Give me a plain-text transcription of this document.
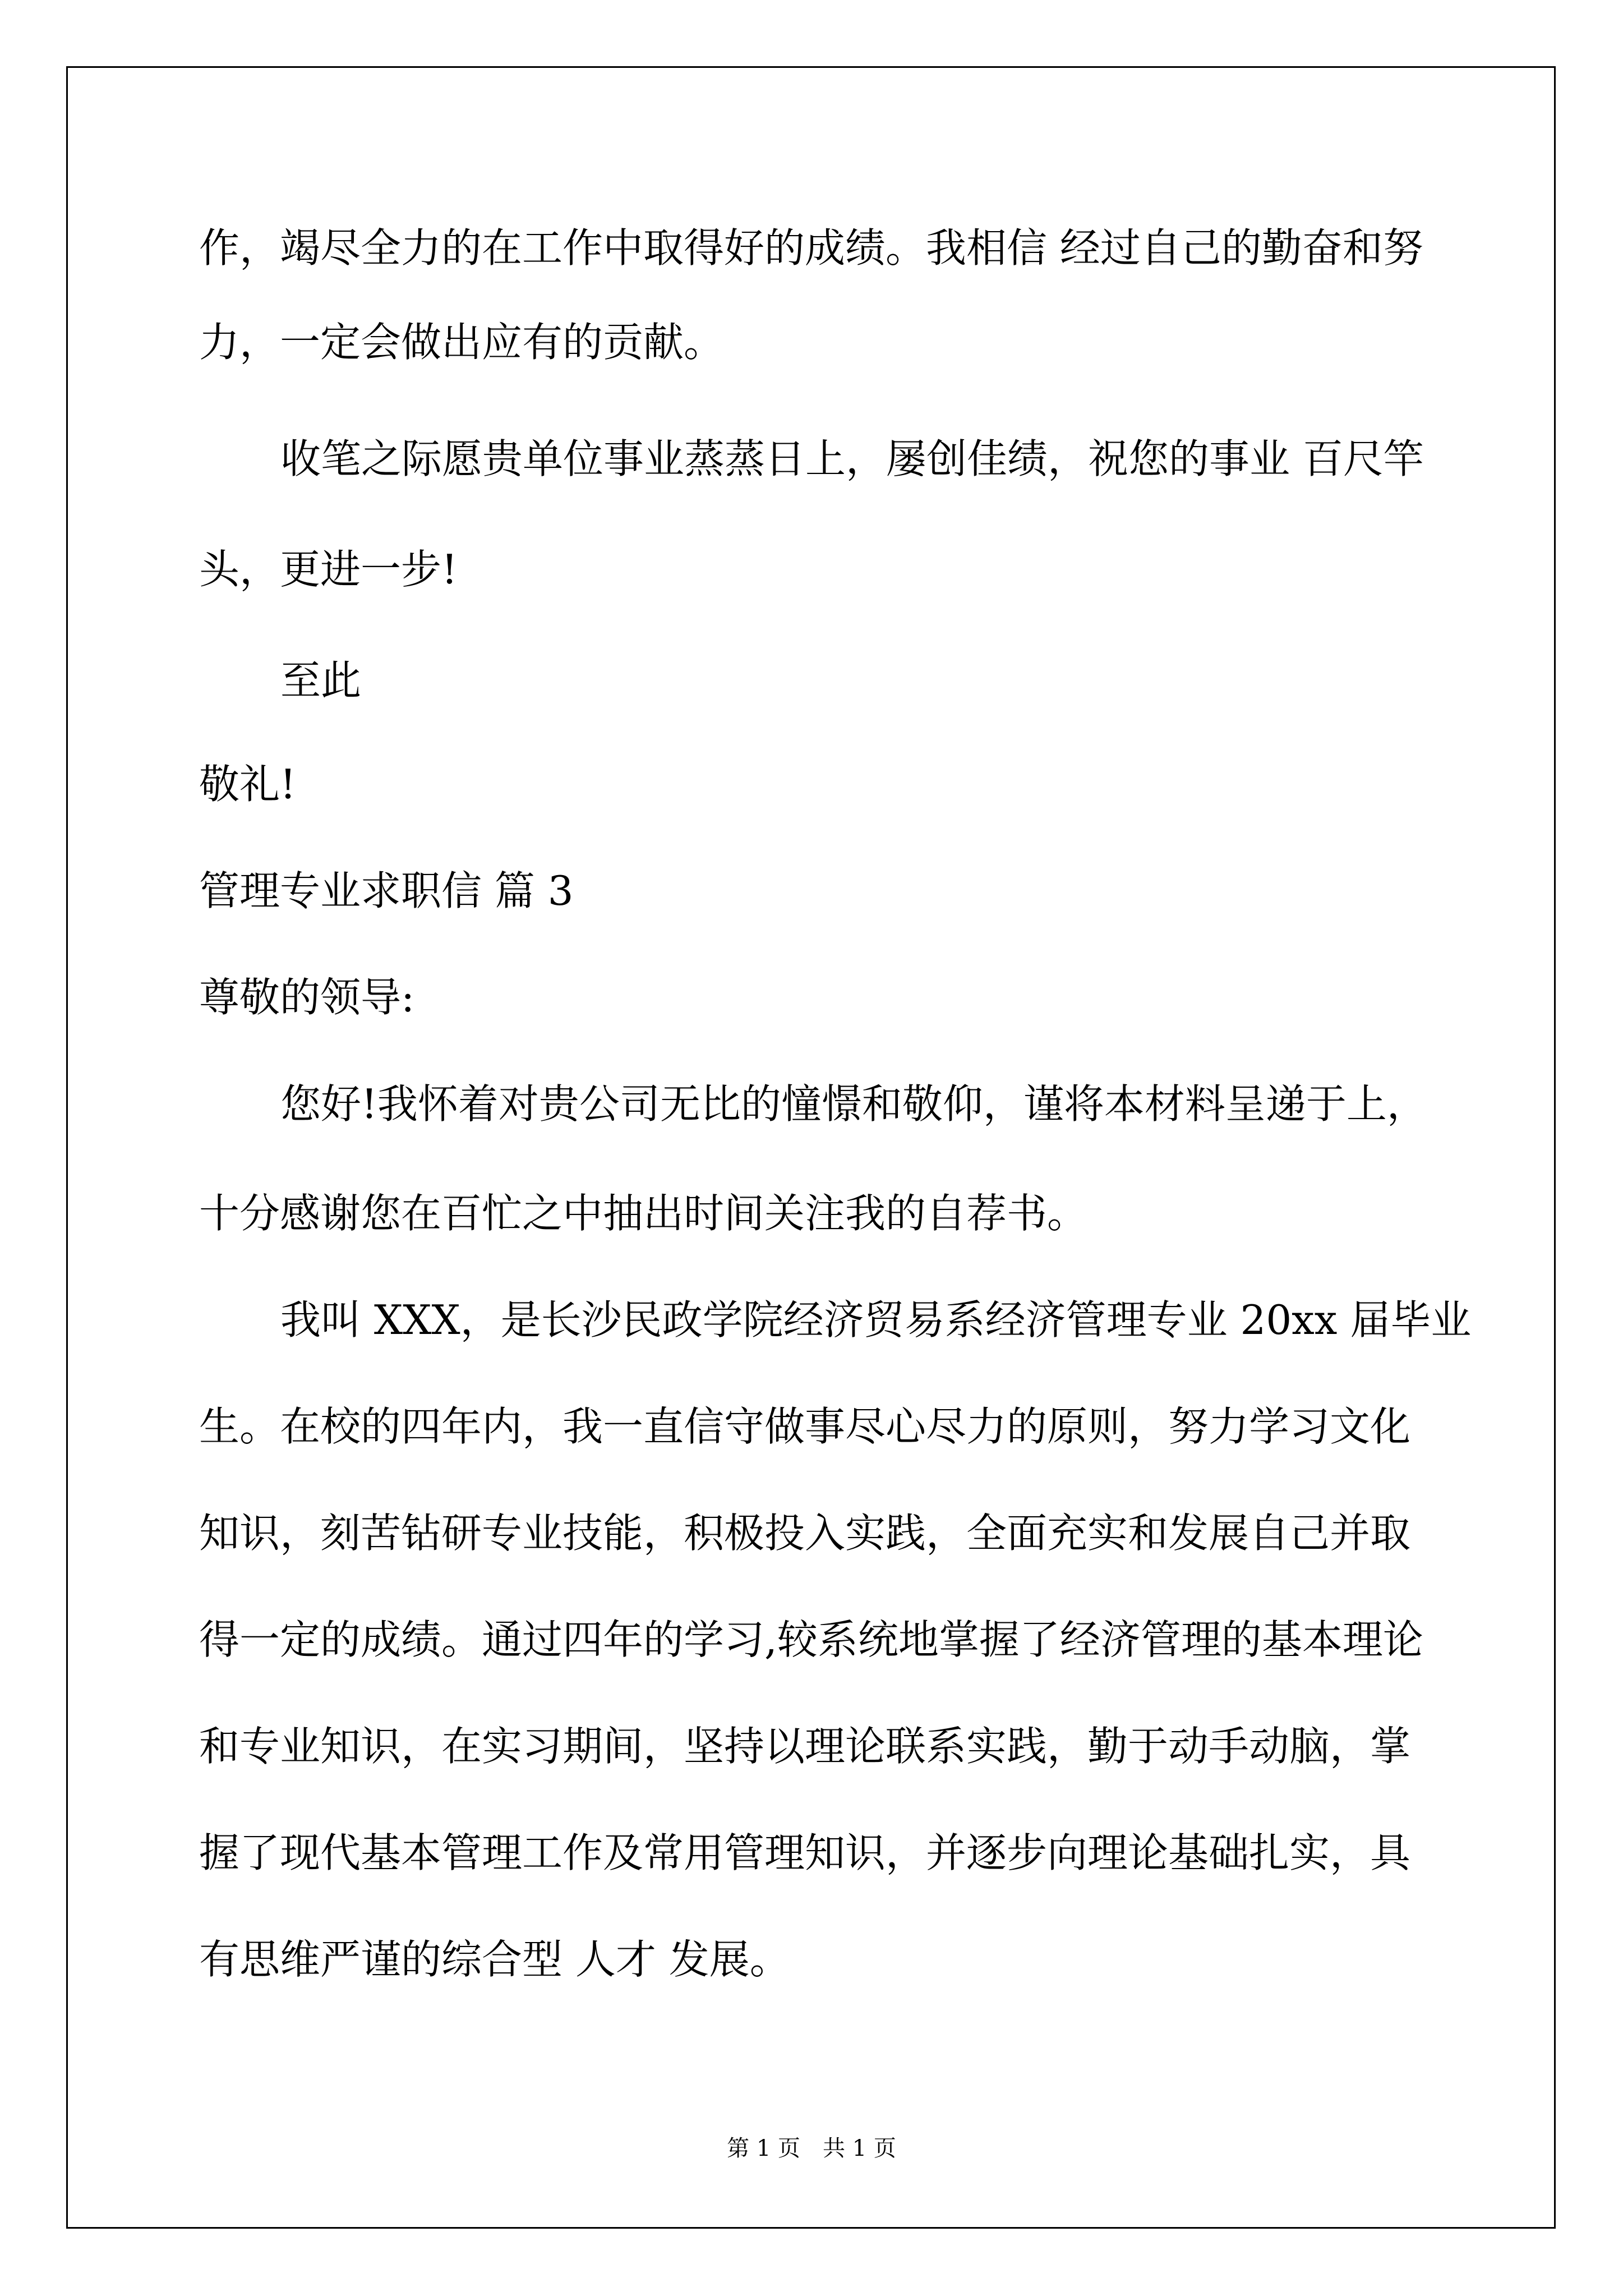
作，竭尽全力的在工作中取得好的成绩。我相信 经过自己的勤奋和努
力，一定会做出应有的贡献。
收笔之际愿贵单位事业蒸蒸日上，屡创佳绩，祝您的事业 百尺竿
头，更进一步!
至此
敬礼!
管理专业求职信 篇 3
尊敬的领导:
您好!我怀着对贵公司无比的憧憬和敬仰，谨将本材料呈递于上，
十分感谢您在百忙之中抽出时间关注我的自荐书。
我叫 XXX，是长沙民政学院经济贸易系经济管理专业 20xx 届毕业
生。在校的四年内，我一直信守做事尽心尽力的原则，努力学习文化
知识，刻苦钻研专业技能，积极投入实践，全面充实和发展自己并取
得一定的成绩。通过四年的学习,较系统地掌握了经济管理的基本理论
和专业知识，在实习期间，坚持以理论联系实践，勤于动手动脑，掌
握了现代基本管理工作及常用管理知识，并逐步向理论基础扎实，具
有思维严谨的综合型 人才 发展。
第 1 页 共 1 页
